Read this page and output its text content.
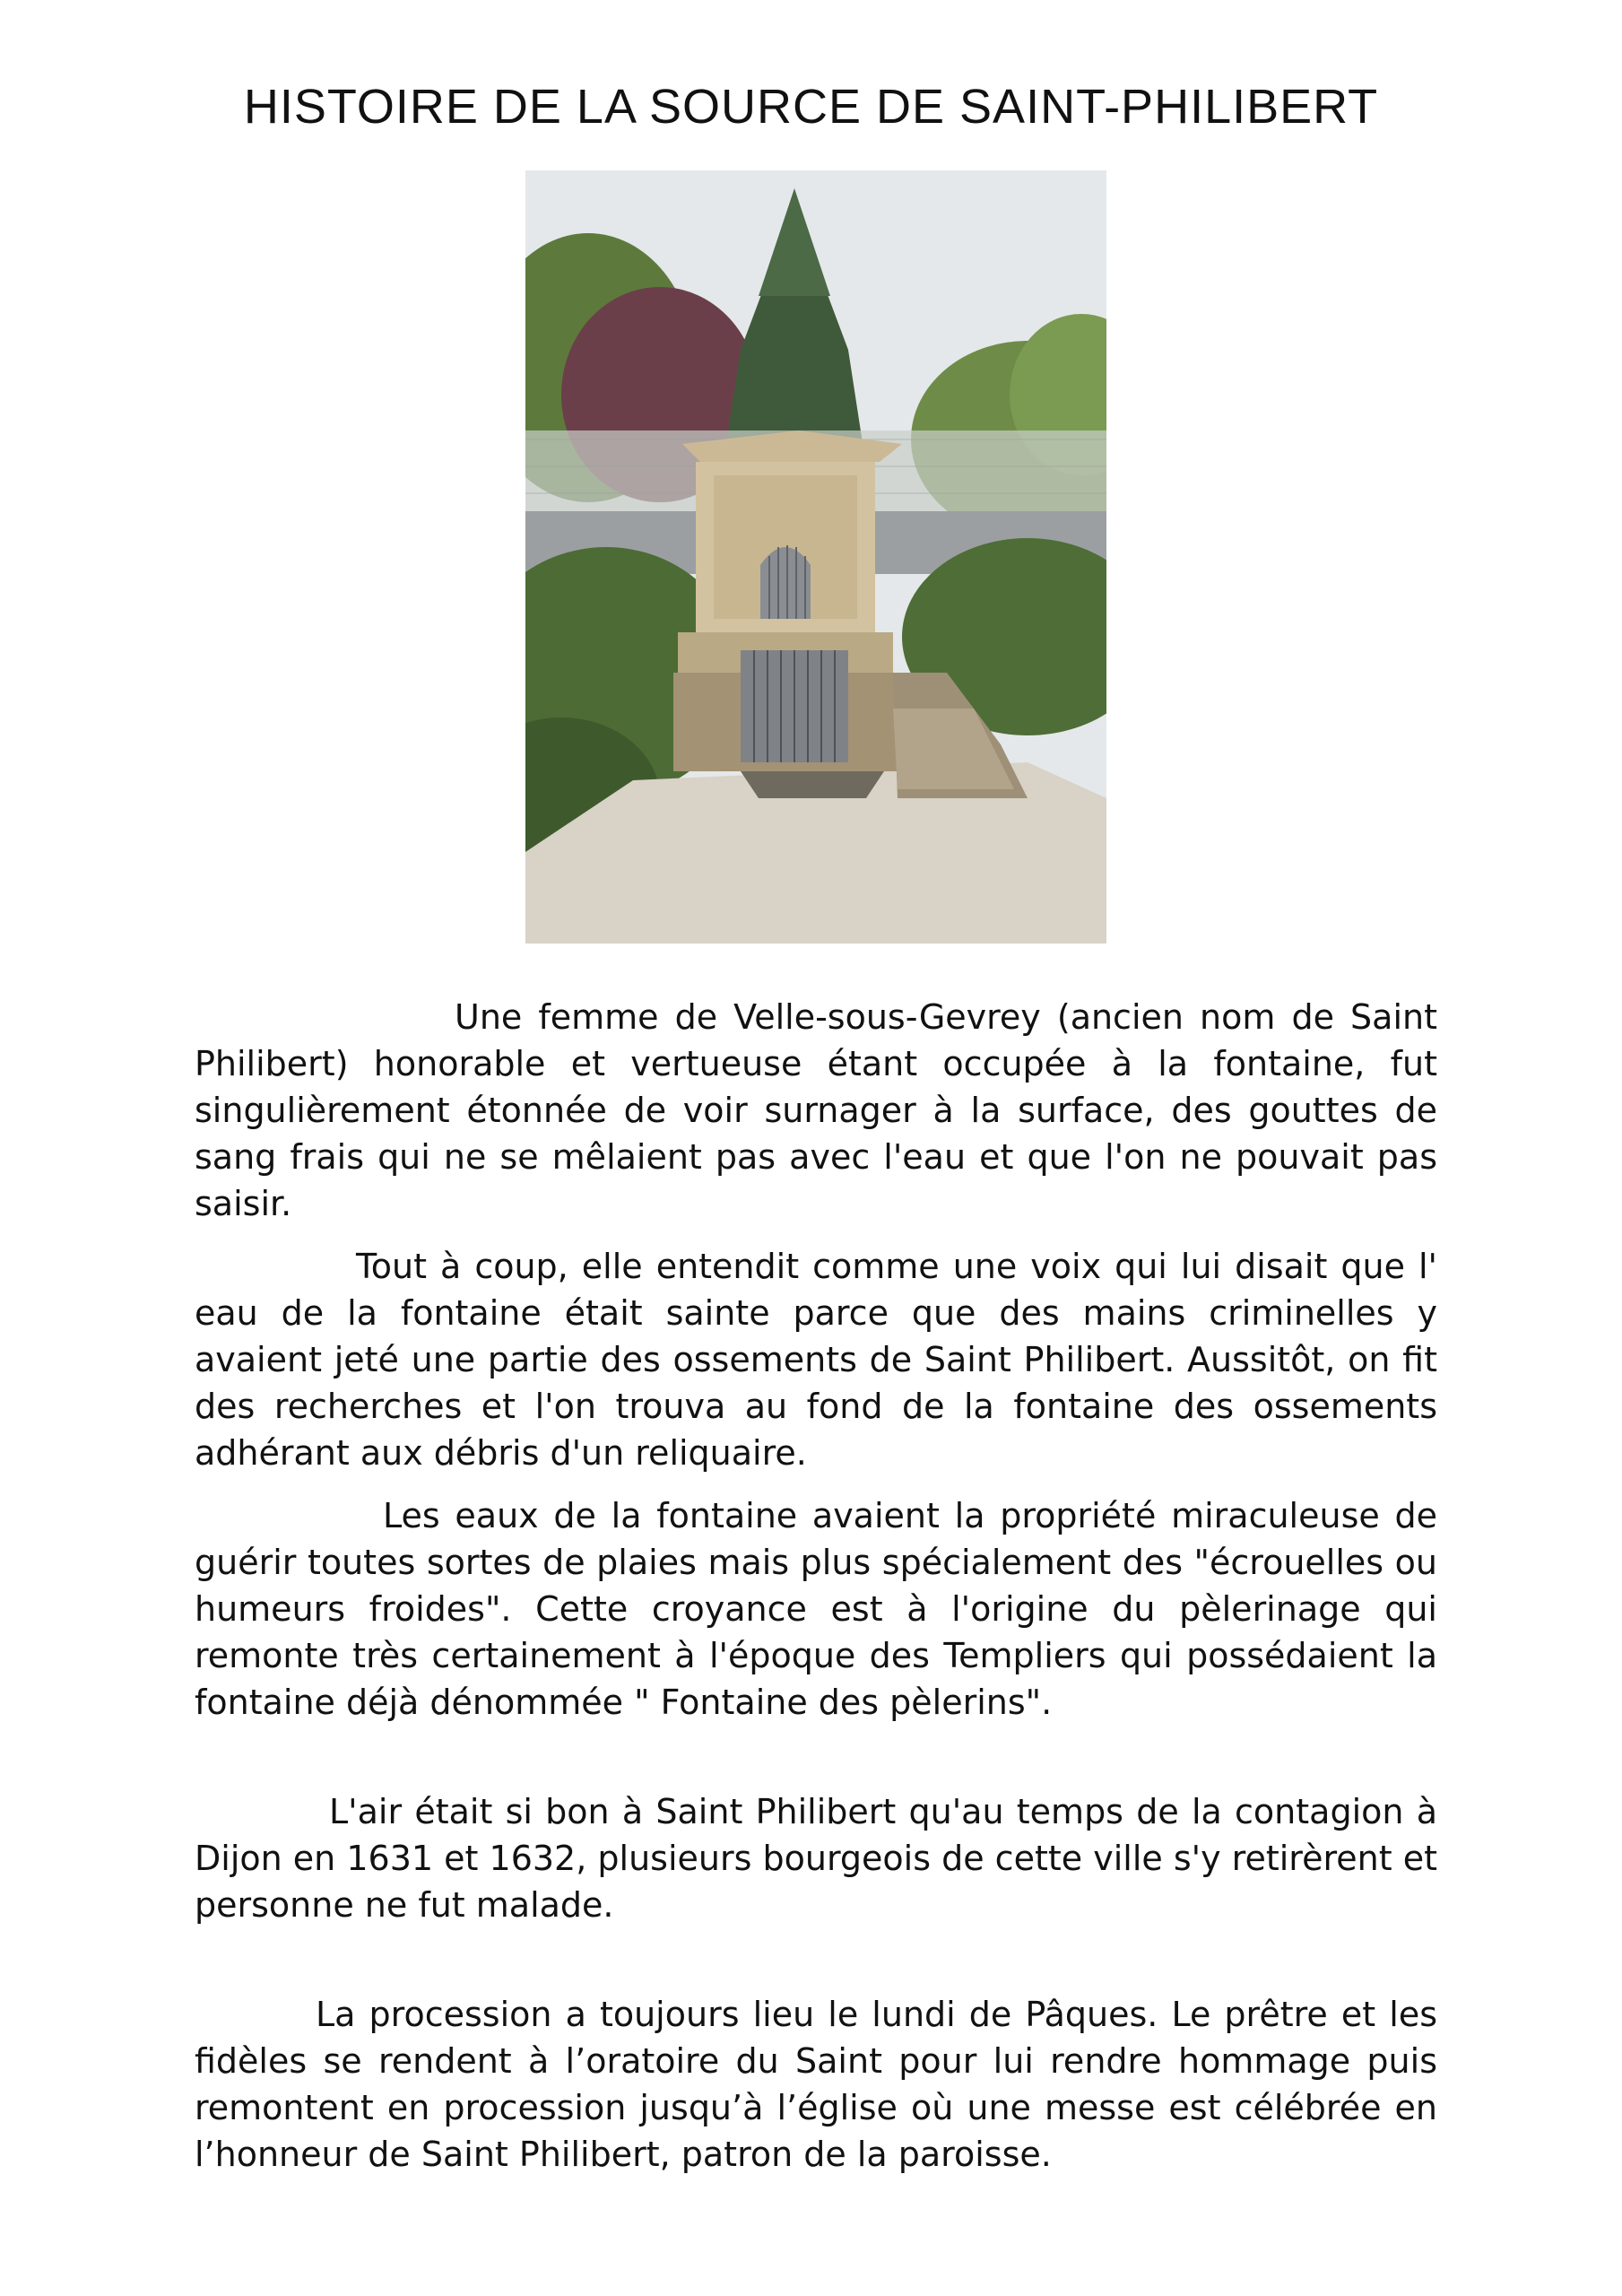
HISTOIRE DE LA SOURCE DE SAINT-PHILIBERT

Une femme de Velle-sous-Gevrey (ancien nom de Saint Philibert) honorable et vertueuse étant occupée à la fontaine, fut singulièrement étonnée de voir surnager à la surface, des gouttes de sang frais qui ne se mêlaient pas avec l'eau et que l'on ne pouvait pas saisir.

Tout à coup, elle entendit comme une voix qui lui disait que l' eau de la fontaine était sainte parce que des mains criminelles y avaient jeté une partie des ossements de Saint Philibert. Aussitôt, on fit des recherches et l'on trouva au fond de la fontaine des ossements adhérant aux débris d'un reliquaire.

Les eaux de la fontaine avaient la propriété miraculeuse de guérir toutes sortes de plaies mais plus spécialement des "écrouelles ou humeurs froides". Cette croyance est à l'origine du pèlerinage qui remonte très certainement à l'époque des Templiers qui possédaient la fontaine déjà dénommée " Fontaine des pèlerins".

L'air était si bon à Saint Philibert qu'au temps de la contagion à Dijon en 1631 et 1632, plusieurs bourgeois de cette ville s'y retirèrent et personne ne fut malade.

La procession a toujours lieu le lundi de Pâques. Le prêtre et les fidèles se rendent à l’oratoire du Saint pour lui rendre hommage puis remontent en procession jusqu’à l’église où une messe est célébrée en l’honneur de Saint Philibert, patron de la paroisse.
